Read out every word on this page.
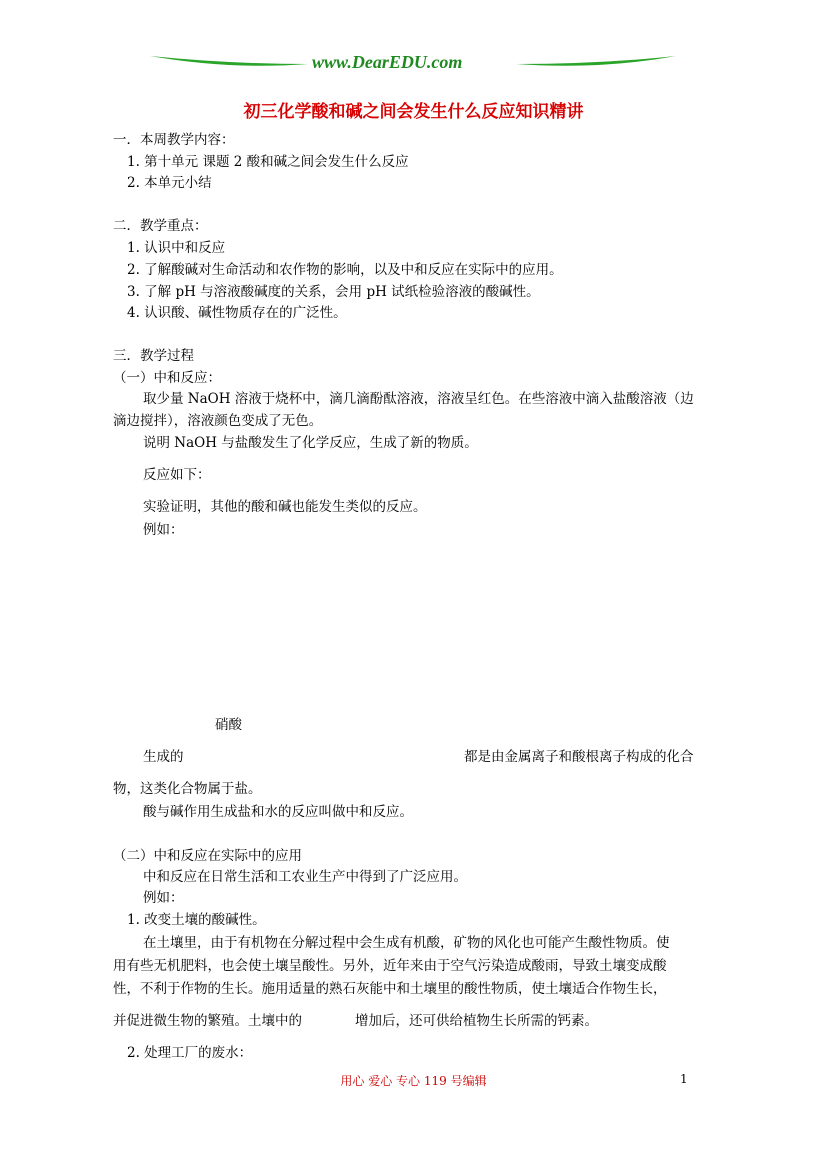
www.DearEDU.com
初三化学酸和碱之间会发生什么反应知识精讲
一．本周教学内容：
1. 第十单元 课题 2 酸和碱之间会发生什么反应
2. 本单元小结
二．教学重点：
1. 认识中和反应
2. 了解酸碱对生命活动和农作物的影响，以及中和反应在实际中的应用。
3. 了解 pH 与溶液酸碱度的关系，会用 pH 试纸检验溶液的酸碱性。
4. 认识酸、碱性物质存在的广泛性。
三．教学过程
（一）中和反应：
取少量 NaOH 溶液于烧杯中，滴几滴酚酞溶液，溶液呈红色。在些溶液中滴入盐酸溶液（边
滴边搅拌），溶液颜色变成了无色。
说明 NaOH 与盐酸发生了化学反应，生成了新的物质。
反应如下：
实验证明，其他的酸和碱也能发生类似的反应。
例如：
硝酸
生成的	都是由金属离子和酸根离子构成的化合
物，这类化合物属于盐。
酸与碱作用生成盐和水的反应叫做中和反应。
（二）中和反应在实际中的应用
中和反应在日常生活和工农业生产中得到了广泛应用。
例如：
1. 改变土壤的酸碱性。
在土壤里，由于有机物在分解过程中会生成有机酸，矿物的风化也可能产生酸性物质。使
用有些无机肥料，也会使土壤呈酸性。另外，近年来由于空气污染造成酸雨，导致土壤变成酸
性，不利于作物的生长。施用适量的熟石灰能中和土壤里的酸性物质，使土壤适合作物生长，
并促进微生物的繁殖。土壤中的	增加后，还可供给植物生长所需的钙素。
2. 处理工厂的废水：
用心 爱心 专心 119 号编辑	1
